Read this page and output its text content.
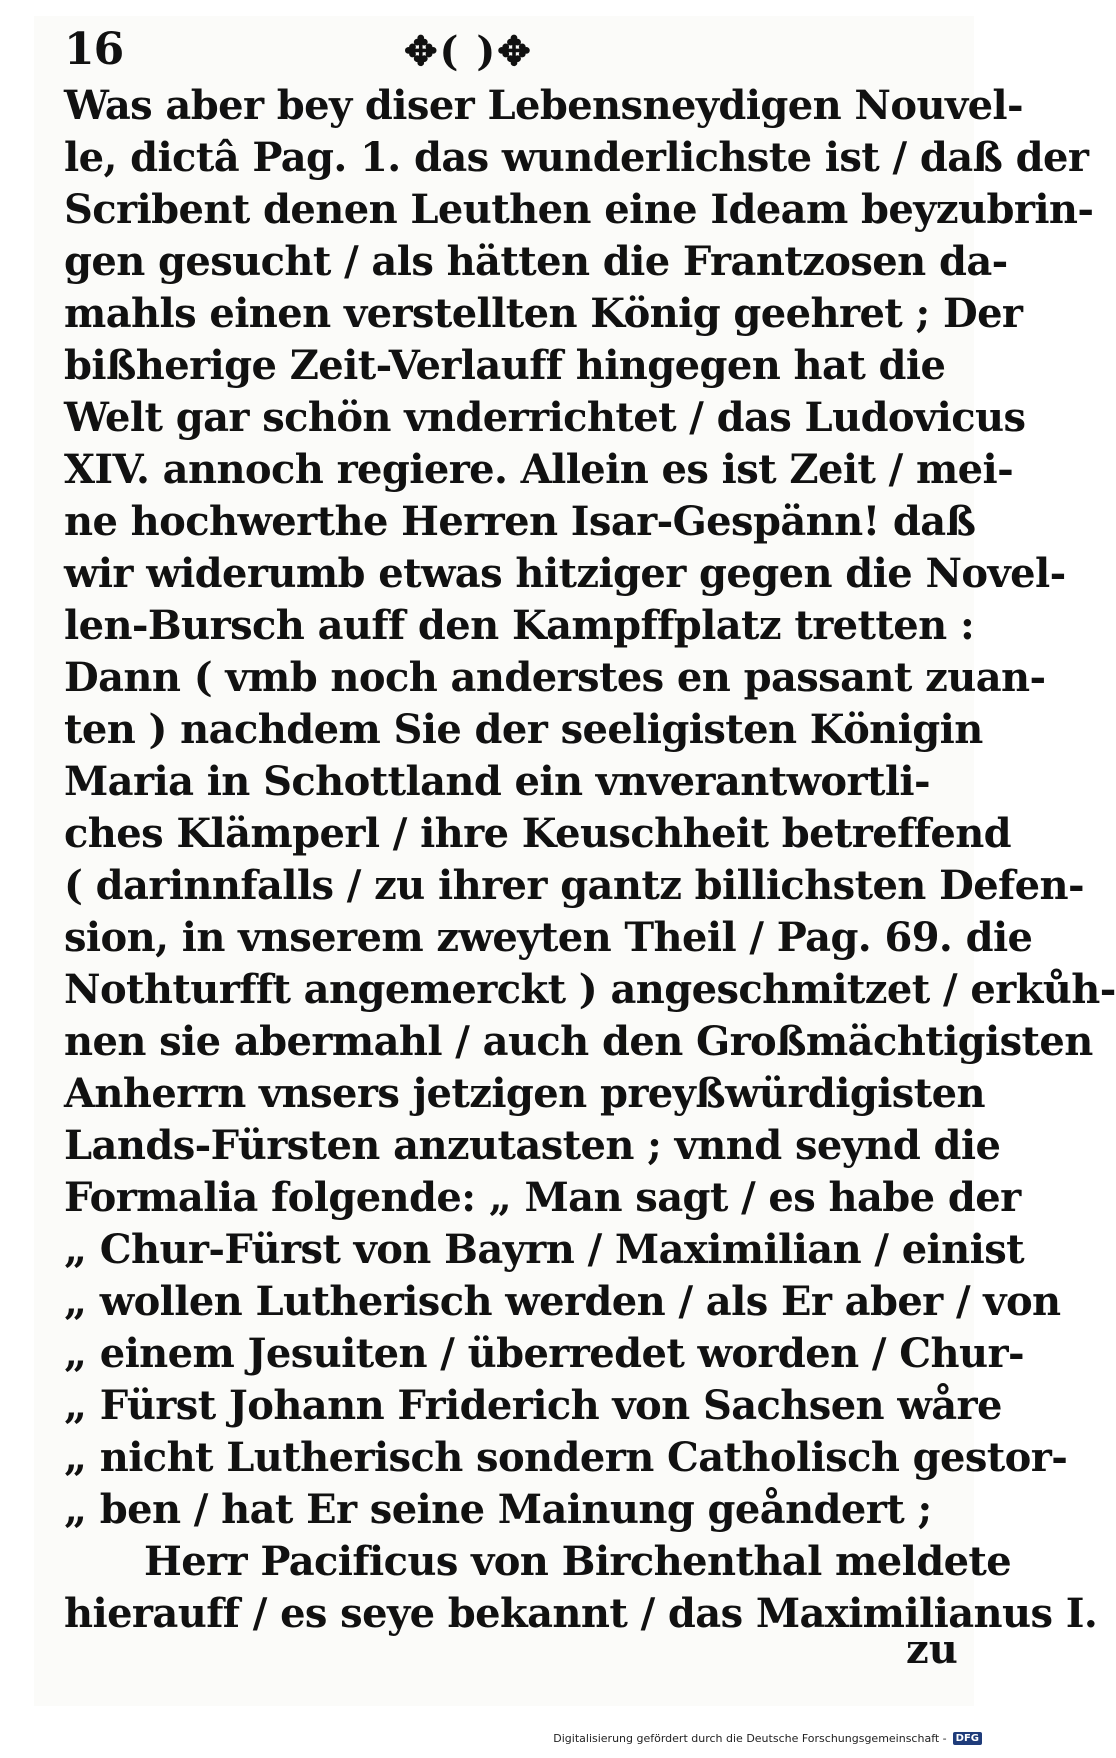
16	✥( )✥
Was aber bey diser Lebensneydigen Nouvel-
le, dictâ Pag. 1. das wunderlichste ist / daß der
Scribent denen Leuthen eine Ideam beyzubrin-
gen gesucht / als hätten die Frantzosen da-
mahls einen verstellten König geehret ; Der
bißherige Zeit-Verlauff hingegen hat die
Welt gar schön vnderrichtet / das Ludovicus
XIV. annoch regiere. Allein es ist Zeit / mei-
ne hochwerthe Herren Isar-Gespänn! daß
wir widerumb etwas hitziger gegen die Novel-
len-Bursch auff den Kampffplatz tretten :
Dann ( vmb noch anderstes en passant zuan-
ten ) nachdem Sie der seeligisten Königin
Maria in Schottland ein vnverantwortli-
ches Klämperl / ihre Keuschheit betreffend
( darinnfalls / zu ihrer gantz billichsten Defen-
sion, in vnserem zweyten Theil / Pag. 69. die
Nothturfft angemerckt ) angeschmitzet / erkůh-
nen sie abermahl / auch den Großmächtigisten
Anherrn vnsers jetzigen preyßwürdigisten
Lands-Fürsten anzutasten ; vnnd seynd die
Formalia folgende: „ Man sagt / es habe der
„ Chur-Fürst von Bayrn / Maximilian / einist
„ wollen Lutherisch werden / als Er aber / von
„ einem Jesuiten / überredet worden / Chur-
„ Fürst Johann Friderich von Sachsen wåre
„ nicht Lutherisch sondern Catholisch gestor-
„ ben / hat Er seine Mainung geåndert ;
Herr Pacificus von Birchenthal meldete
hierauff / es seye bekannt / das Maximilianus I.
zu
Digitalisierung gefördert durch die Deutsche Forschungsgemeinschaft - DFG
